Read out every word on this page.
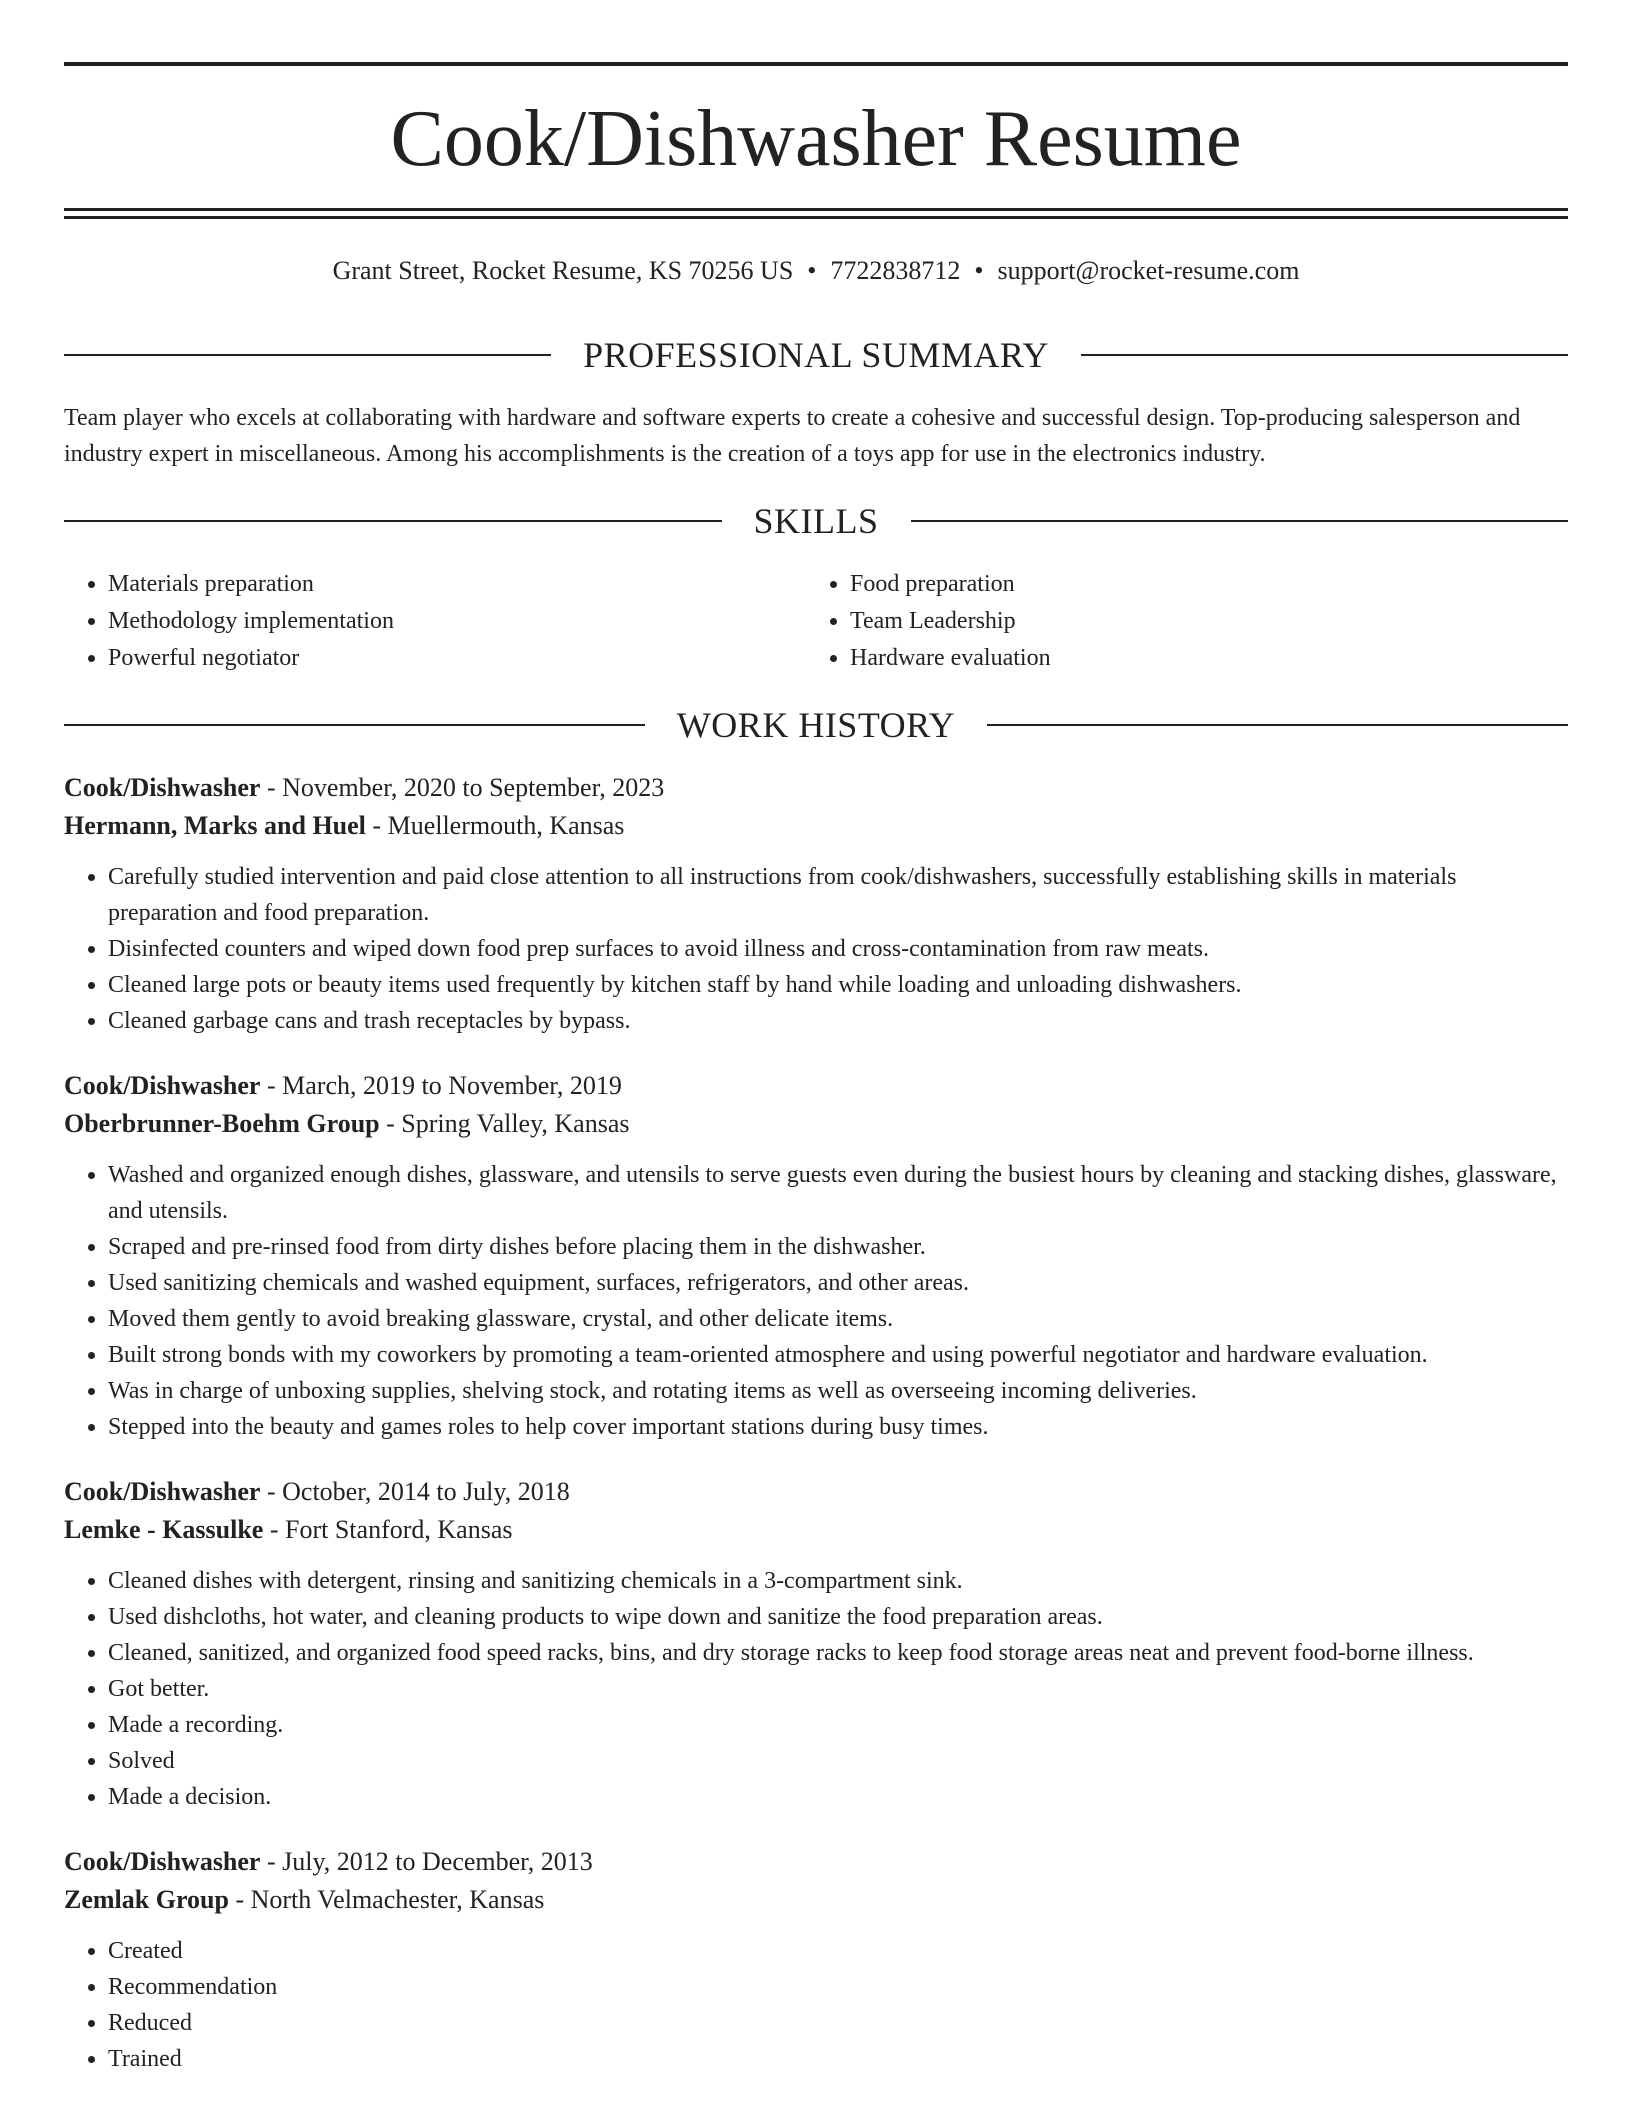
Cook/Dishwasher Resume
Grant Street, Rocket Resume, KS 70256 US • 7722838712 • support@rocket-resume.com
PROFESSIONAL SUMMARY

Team player who excels at collaborating with hardware and software experts to create a cohesive and successful design. Top-producing salesperson and industry expert in miscellaneous. Among his accomplishments is the creation of a toys app for use in the electronics industry.

SKILLS
• Materials preparation
• Methodology implementation
• Powerful negotiator
• Food preparation
• Team Leadership
• Hardware evaluation
WORK HISTORY
Cook/Dishwasher - November, 2020 to September, 2023
Hermann, Marks and Huel - Muellermouth, Kansas
• Carefully studied intervention and paid close attention to all instructions from cook/dishwashers, successfully establishing skills in materials preparation and food preparation.
• Disinfected counters and wiped down food prep surfaces to avoid illness and cross-contamination from raw meats.
• Cleaned large pots or beauty items used frequently by kitchen staff by hand while loading and unloading dishwashers.
• Cleaned garbage cans and trash receptacles by bypass.
Cook/Dishwasher - March, 2019 to November, 2019
Oberbrunner-Boehm Group - Spring Valley, Kansas
• Washed and organized enough dishes, glassware, and utensils to serve guests even during the busiest hours by cleaning and stacking dishes, glassware, and utensils.
• Scraped and pre-rinsed food from dirty dishes before placing them in the dishwasher.
• Used sanitizing chemicals and washed equipment, surfaces, refrigerators, and other areas.
• Moved them gently to avoid breaking glassware, crystal, and other delicate items.
• Built strong bonds with my coworkers by promoting a team-oriented atmosphere and using powerful negotiator and hardware evaluation.
• Was in charge of unboxing supplies, shelving stock, and rotating items as well as overseeing incoming deliveries.
• Stepped into the beauty and games roles to help cover important stations during busy times.
Cook/Dishwasher - October, 2014 to July, 2018
Lemke - Kassulke - Fort Stanford, Kansas
• Cleaned dishes with detergent, rinsing and sanitizing chemicals in a 3-compartment sink.
• Used dishcloths, hot water, and cleaning products to wipe down and sanitize the food preparation areas.
• Cleaned, sanitized, and organized food speed racks, bins, and dry storage racks to keep food storage areas neat and prevent food-borne illness.
• Got better.
• Made a recording.
• Solved
• Made a decision.
Cook/Dishwasher - July, 2012 to December, 2013
Zemlak Group - North Velmachester, Kansas
• Created
• Recommendation
• Reduced
• Trained
